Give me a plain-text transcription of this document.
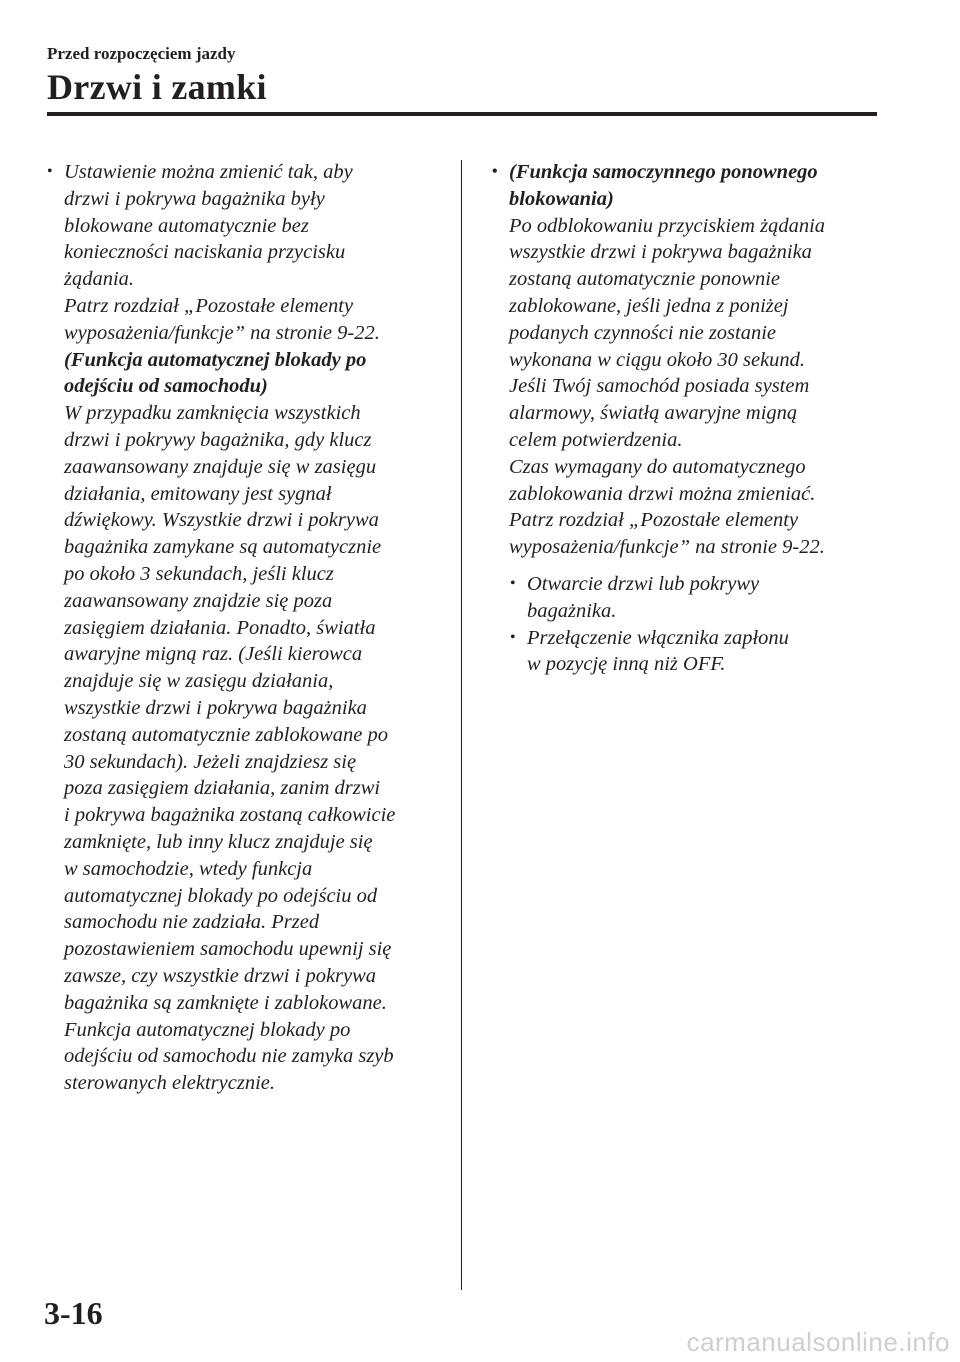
Przed rozpoczęciem jazdy
Drzwi i zamki
• Ustawienie można zmienić tak, aby
drzwi i pokrywa bagażnika były
blokowane automatycznie bez
konieczności naciskania przycisku
żądania.
Patrz rozdział „Pozostałe elementy
wyposażenia/funkcje” na stronie 9-22.
(Funkcja automatycznej blokady po
odejściu od samochodu)
W przypadku zamknięcia wszystkich
drzwi i pokrywy bagażnika, gdy klucz
zaawansowany znajduje się w zasięgu
działania, emitowany jest sygnał
dźwiękowy. Wszystkie drzwi i pokrywa
bagażnika zamykane są automatycznie
po około 3 sekundach, jeśli klucz
zaawansowany znajdzie się poza
zasięgiem działania. Ponadto, światła
awaryjne migną raz. (Jeśli kierowca
znajduje się w zasięgu działania,
wszystkie drzwi i pokrywa bagażnika
zostaną automatycznie zablokowane po
30 sekundach). Jeżeli znajdziesz się
poza zasięgiem działania, zanim drzwi
i pokrywa bagażnika zostaną całkowicie
zamknięte, lub inny klucz znajduje się
w samochodzie, wtedy funkcja
automatycznej blokady po odejściu od
samochodu nie zadziała. Przed
pozostawieniem samochodu upewnij się
zawsze, czy wszystkie drzwi i pokrywa
bagażnika są zamknięte i zablokowane.
Funkcja automatycznej blokady po
odejściu od samochodu nie zamyka szyb
sterowanych elektrycznie.
• (Funkcja samoczynnego ponownego
blokowania)
Po odblokowaniu przyciskiem żądania
wszystkie drzwi i pokrywa bagażnika
zostaną automatycznie ponownie
zablokowane, jeśli jedna z poniżej
podanych czynności nie zostanie
wykonana w ciągu około 30 sekund.
Jeśli Twój samochód posiada system
alarmowy, światłą awaryjne migną
celem potwierdzenia.
Czas wymagany do automatycznego
zablokowania drzwi można zmieniać.
Patrz rozdział „Pozostałe elementy
wyposażenia/funkcje” na stronie 9-22.
• Otwarcie drzwi lub pokrywy
bagażnika.
• Przełączenie włącznika zapłonu
w pozycję inną niż OFF.
3-16
carmanualsonline.info
